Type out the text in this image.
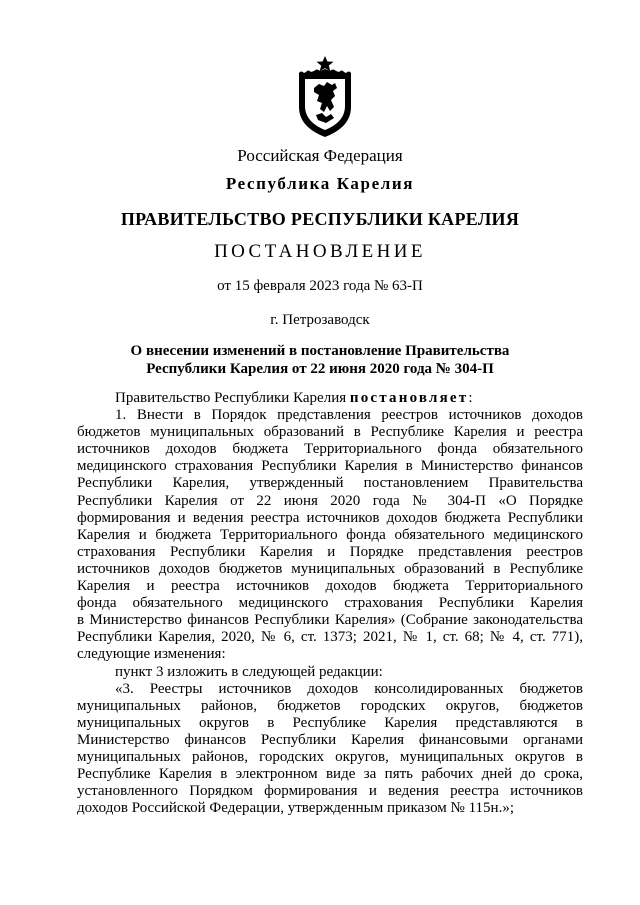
Российская Федерация
Республика Карелия
ПРАВИТЕЛЬСТВО РЕСПУБЛИКИ КАРЕЛИЯ
ПОСТАНОВЛЕНИЕ
от 15 февраля 2023 года № 63-П
г. Петрозаводск
О внесении изменений в постановление Правительства
Республики Карелия от 22 июня 2020 года № 304-П
Правительство Республики Карелия постановляет:
1. Внести в Порядок представления реестров источников доходов
бюджетов муниципальных образований в Республике Карелия и реестра
источников доходов бюджета Территориального фонда обязательного
медицинского страхования Республики Карелия в Министерство финансов
Республики Карелия, утвержденный постановлением Правительства
Республики Карелия от 22 июня 2020 года № 304-П «О Порядке
формирования и ведения реестра источников доходов бюджета Республики
Карелия и бюджета Территориального фонда обязательного медицинского
страхования Республики Карелия и Порядке представления реестров
источников доходов бюджетов муниципальных образований в Республике
Карелия и реестра источников доходов бюджета Территориального
фонда обязательного медицинского страхования Республики Карелия
в Министерство финансов Республики Карелия» (Собрание законодательства
Республики Карелия, 2020, № 6, ст. 1373; 2021, № 1, ст. 68; № 4, ст. 771),
следующие изменения:
пункт 3 изложить в следующей редакции:
«3. Реестры источников доходов консолидированных бюджетов
муниципальных районов, бюджетов городских округов, бюджетов
муниципальных округов в Республике Карелия представляются в
Министерство финансов Республики Карелия финансовыми органами
муниципальных районов, городских округов, муниципальных округов в
Республике Карелия в электронном виде за пять рабочих дней до срока,
установленного Порядком формирования и ведения реестра источников
доходов Российской Федерации, утвержденным приказом № 115н.»;
